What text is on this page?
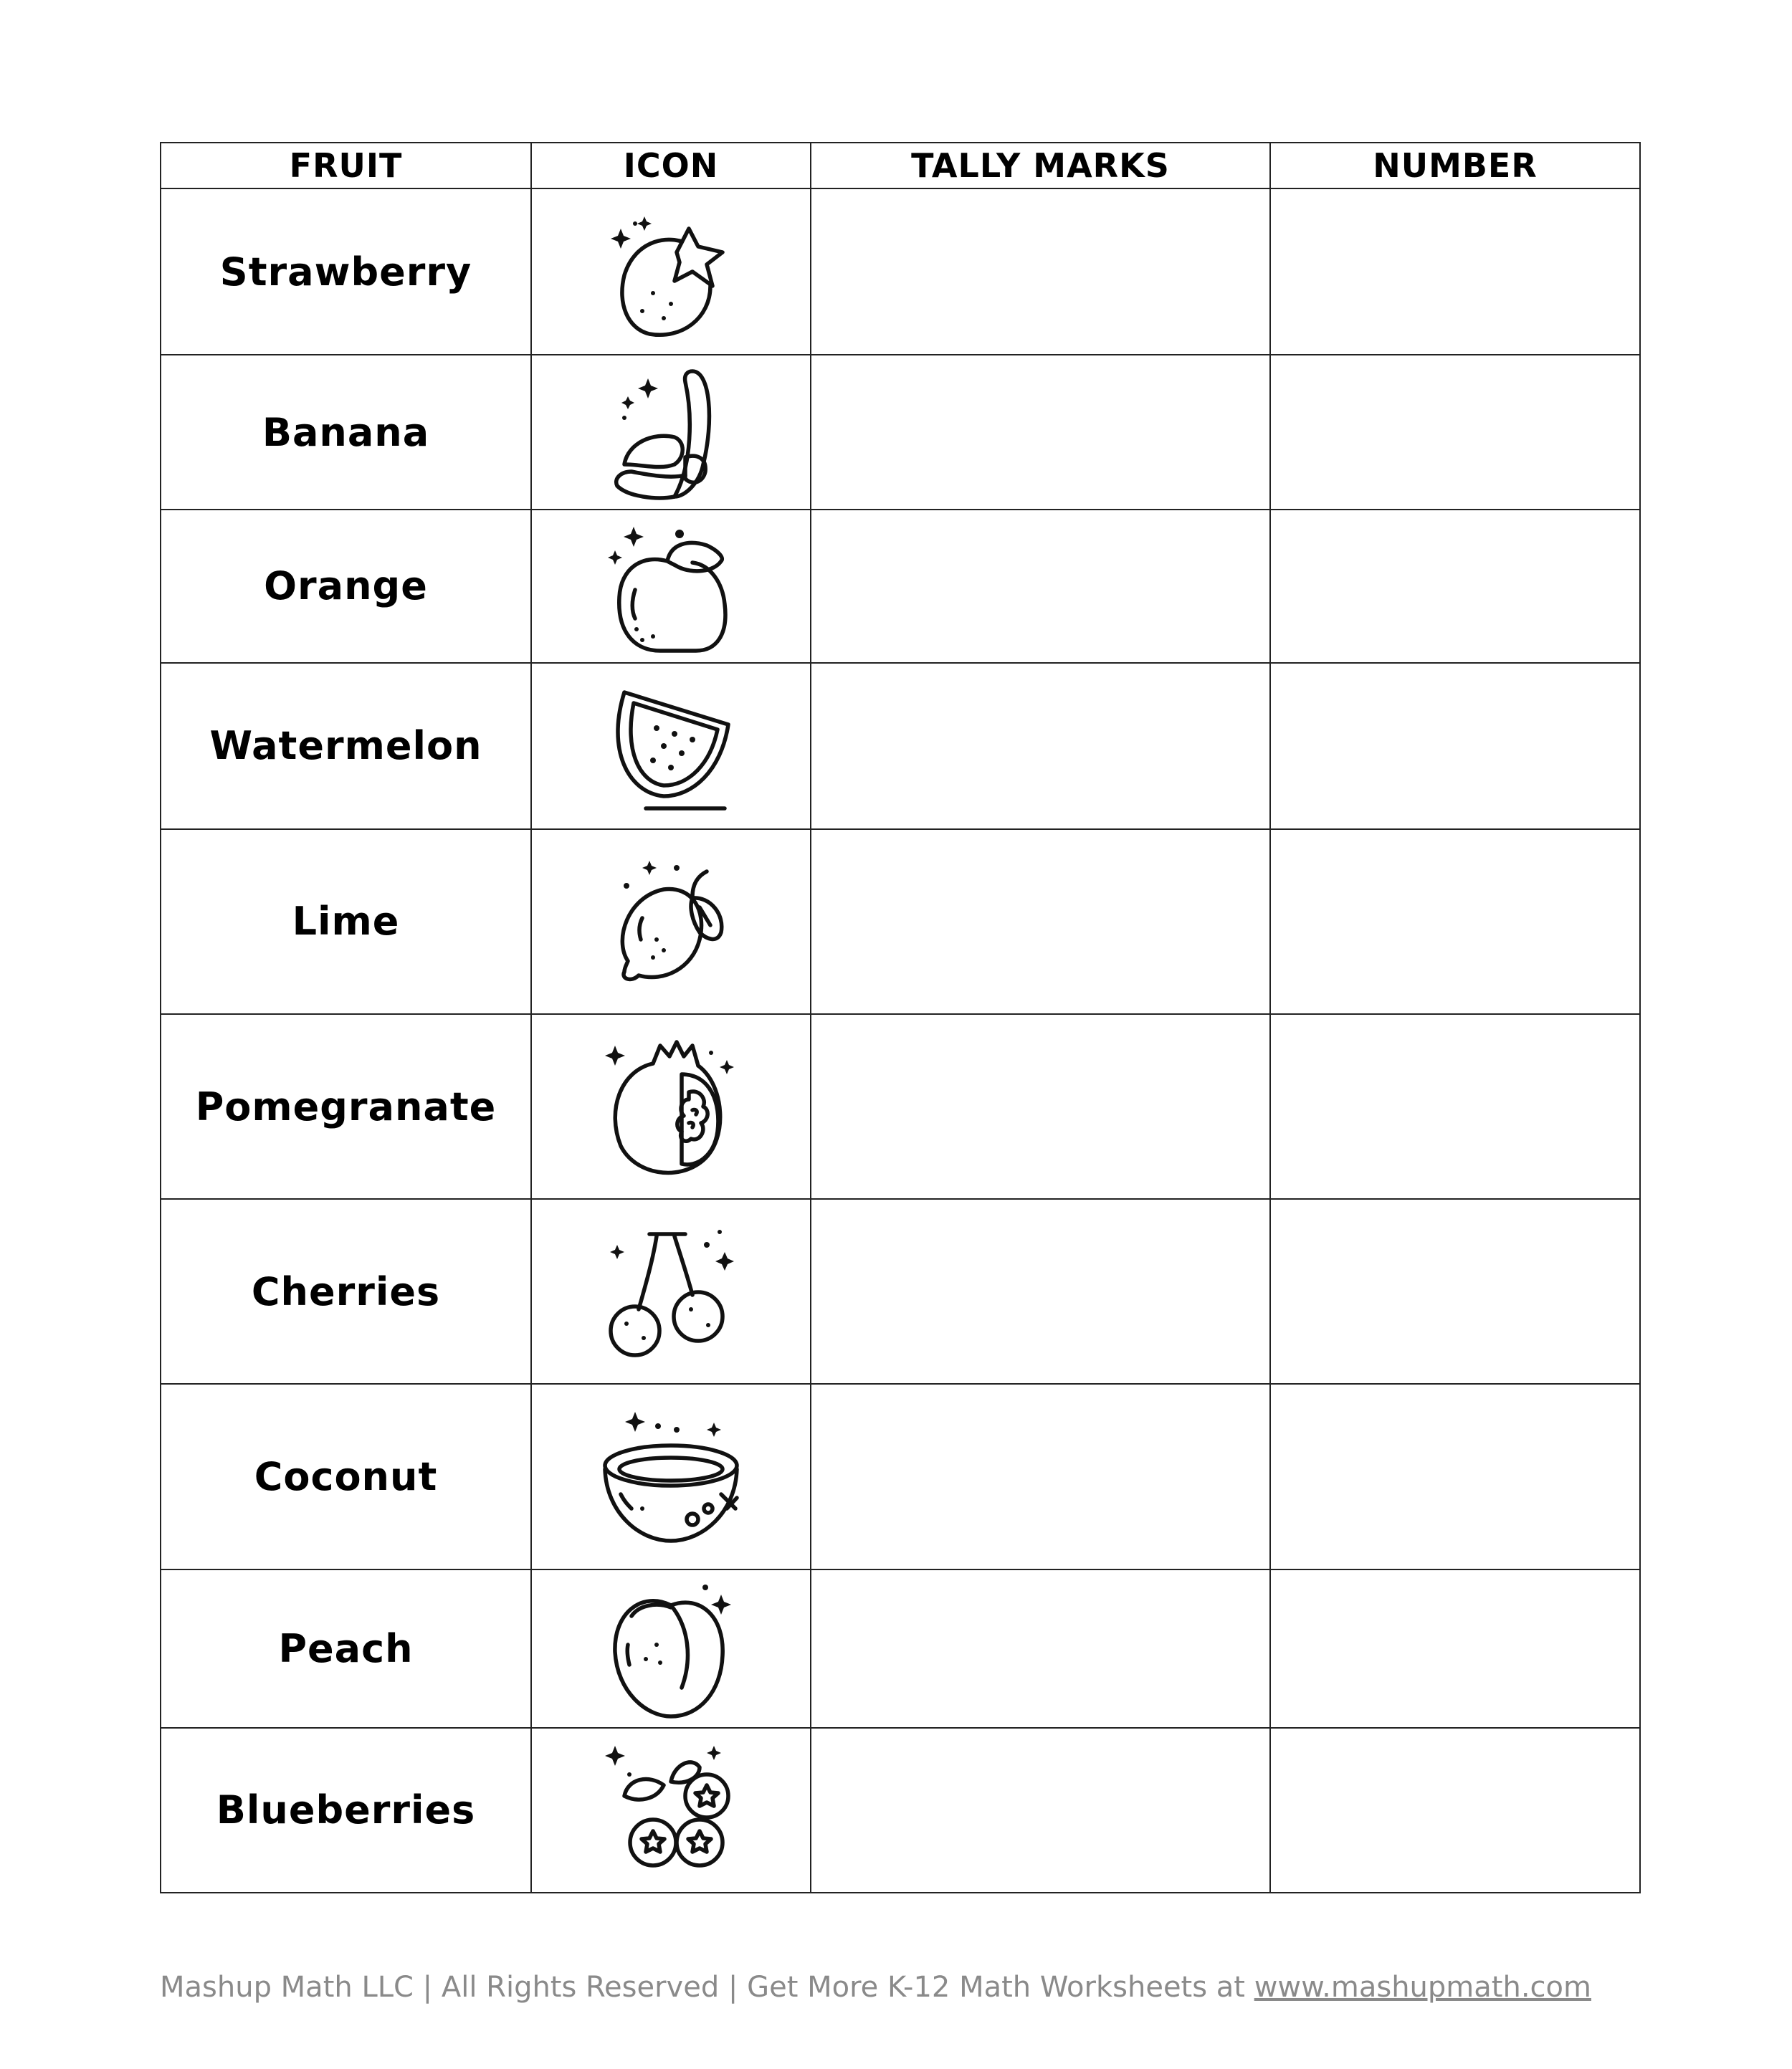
FRUIT	ICON	TALLY MARKS	NUMBER
Strawberry	

Banana	

Orange	

Watermelon	

Lime	

Pomegranate	

Cherries	

Coconut	

Peach	

Blueberries	

Mashup Math LLC | All Rights Reserved | Get More K-12 Math Worksheets at www.mashupmath.com
